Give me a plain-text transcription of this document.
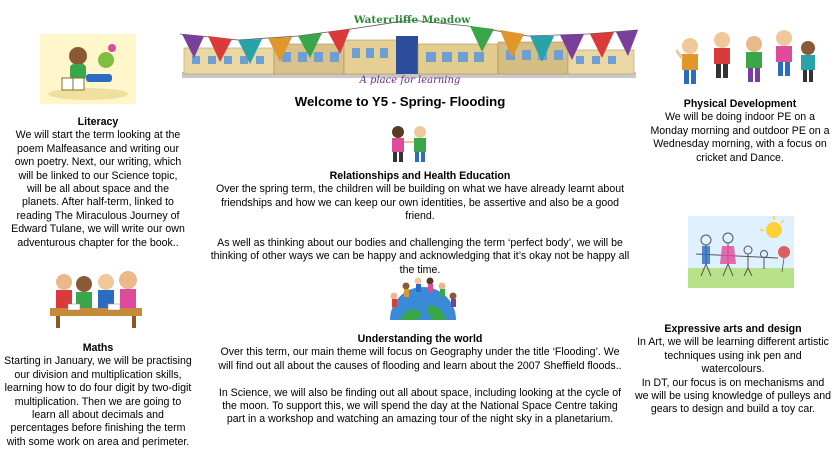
Watercliffe Meadow
A place for learning
Welcome to Y5 - Spring- Flooding
Literacy

We will start the term looking at the poem Malfeasance and writing our own poetry. Next, our writing, which will be linked to our Science topic, will be all about space and the planets. After half-term, linked to reading The Miraculous Journey of Edward Tulane, we will write our own adventurous chapter for the book..

Maths

Starting in January, we will be practising our division and multiplication skills, learning how to do four digit by two-digit multiplication. Then we are going to learn all about decimals and percentages before finishing the term with some work on area and perimeter.

Relationships and Health Education

Over the spring term, the children will be building on what we have already learnt about friendships and how we can keep our own identities, be assertive and also be a good friend.

As well as thinking about our bodies and challenging the term ‘perfect body’, we will be thinking of other ways we can be happy and acknowledging that it’s okay not be happy all the time.

Understanding the world

Over this term, our main theme will focus on Geography under the title ‘Flooding’. We will find out all about the causes of flooding and learn about the 2007 Sheffield floods..

In Science, we will also be finding out all about space, including looking at the cycle of the moon. To support this, we will spend the day at the National Space Centre taking part in a workshop and watching an amazing tour of the night sky in a planetarium.

Physical Development

We will be doing indoor PE on a Monday morning and outdoor PE on a Wednesday morning, with a focus on cricket and Dance.

Expressive arts and design

In Art, we will be learning different artistic techniques using ink pen and watercolours.

In DT, our focus is on mechanisms and we will be using knowledge of pulleys and gears to design and build a toy car.
